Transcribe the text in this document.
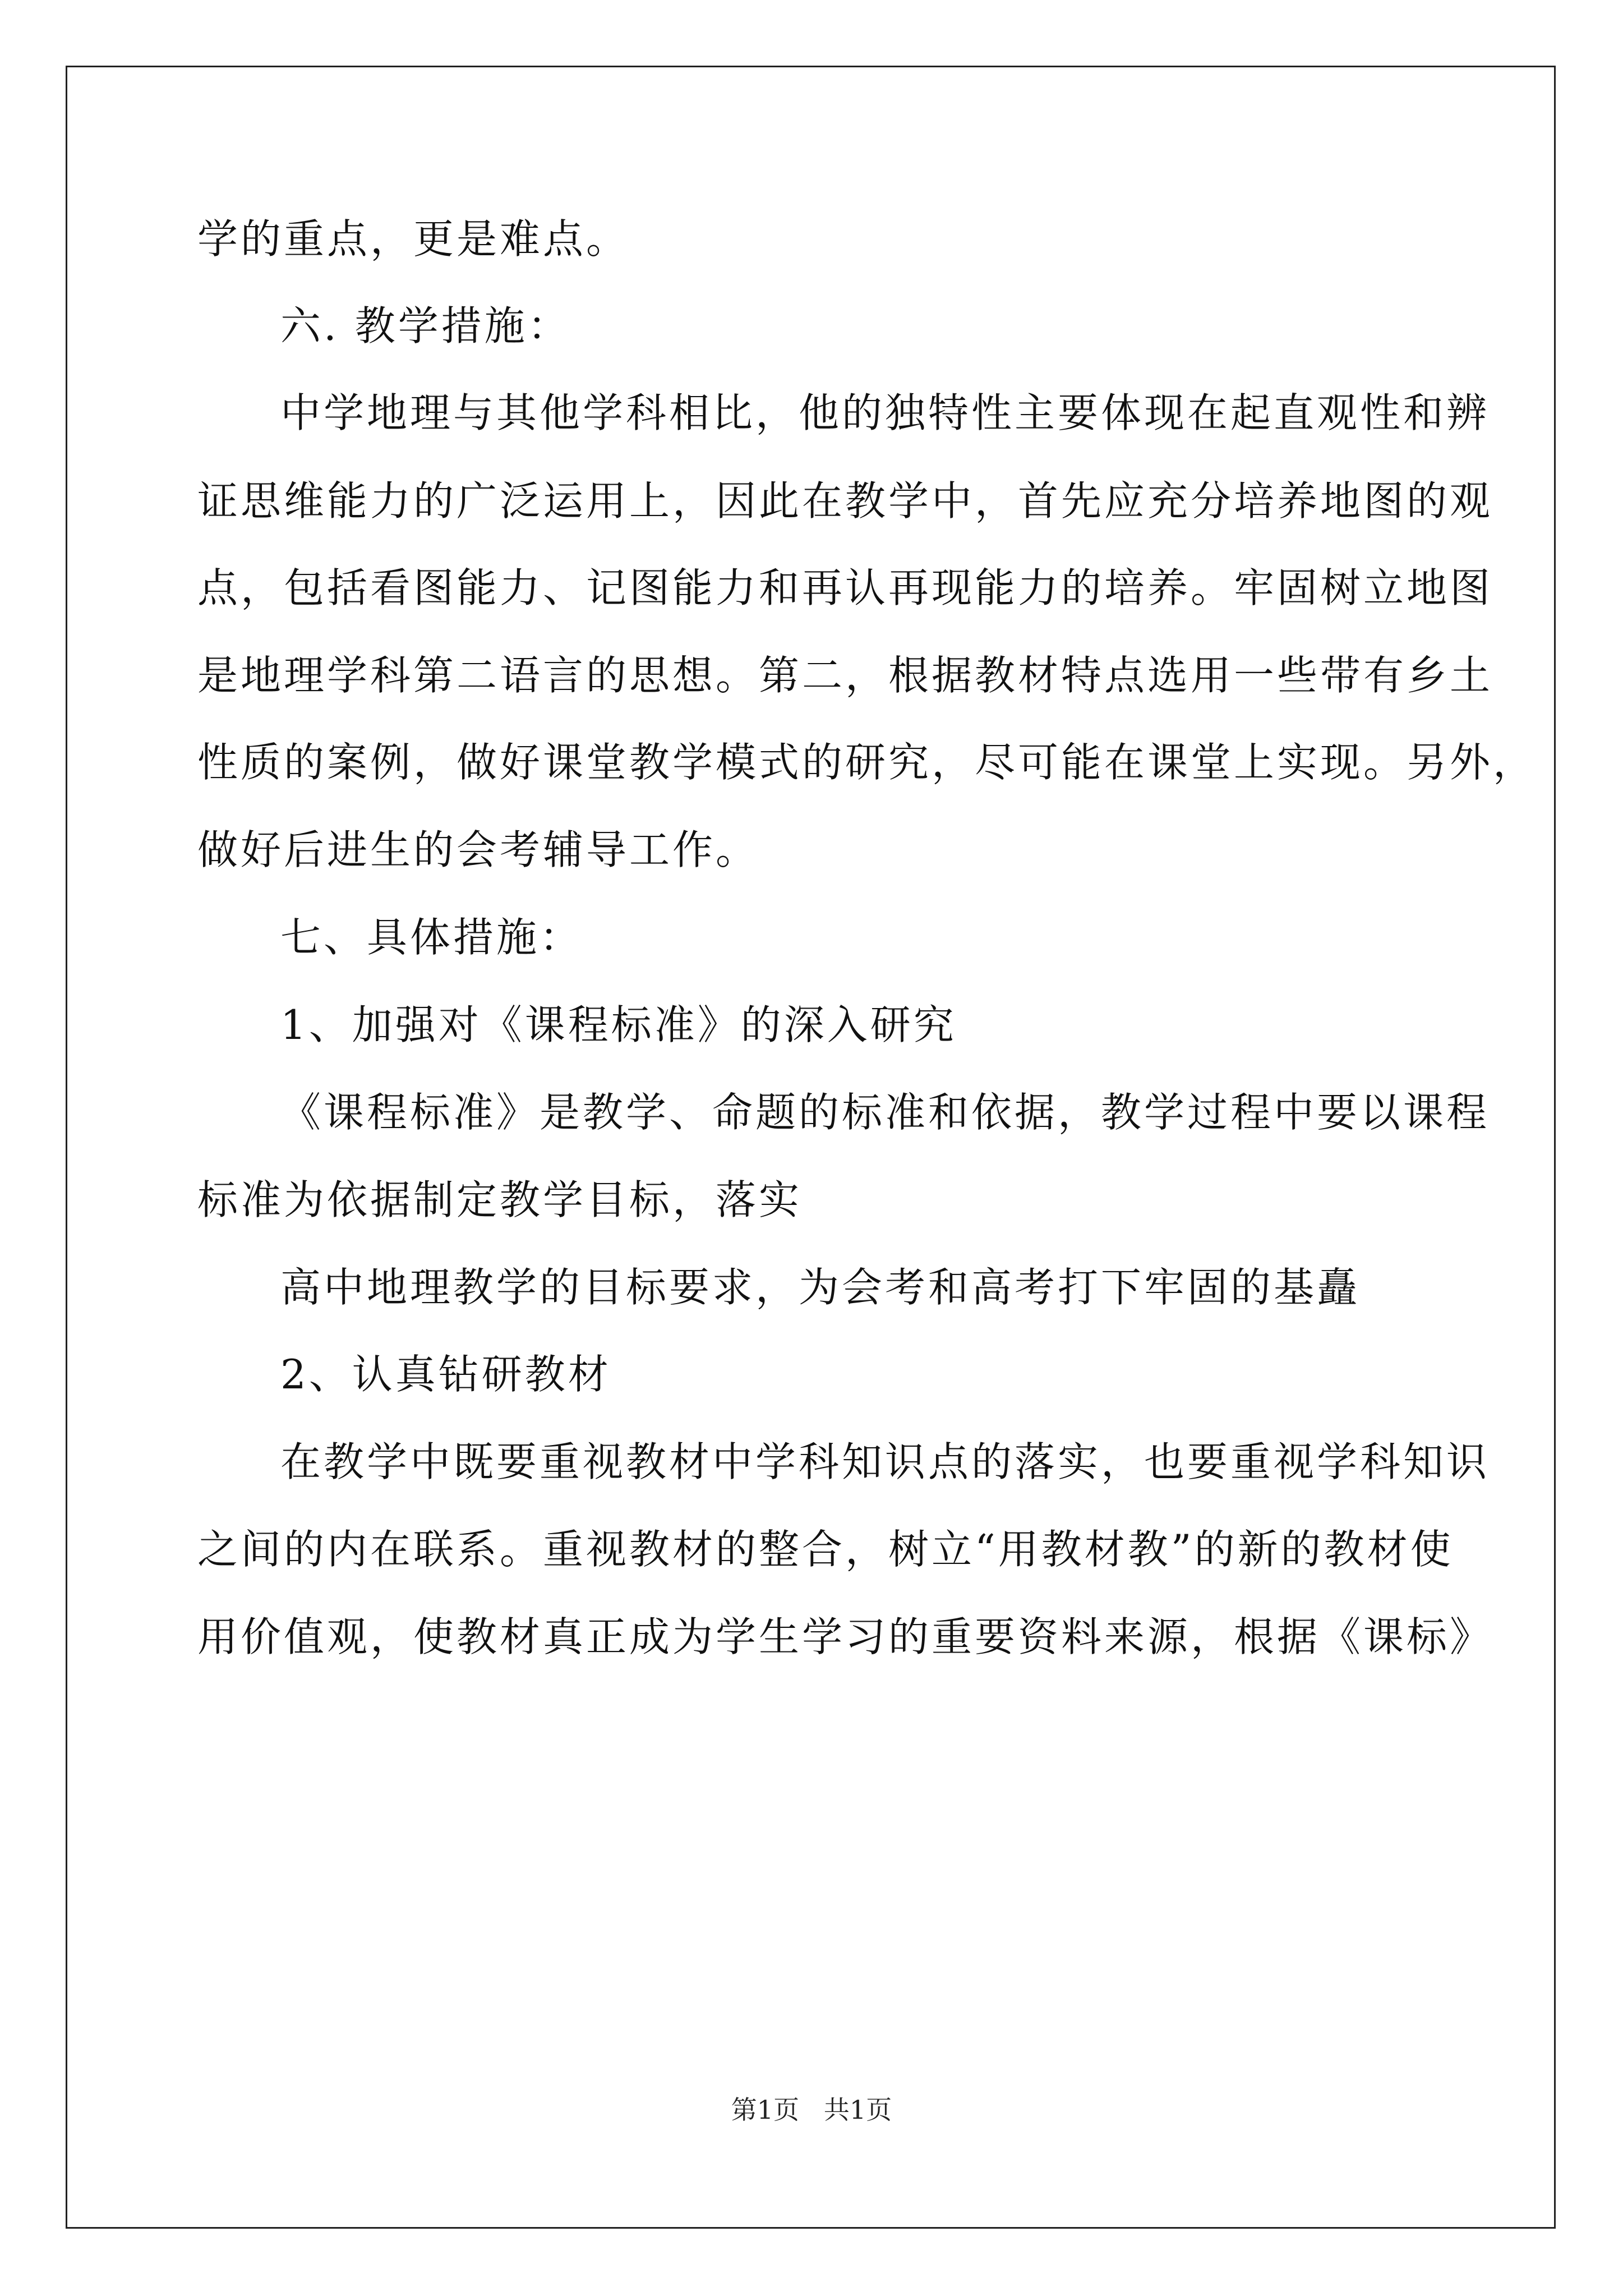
学的重点，更是难点。
六. 教学措施：
中学地理与其他学科相比，他的独特性主要体现在起直观性和辨
证思维能力的广泛运用上，因此在教学中，首先应充分培养地图的观
点，包括看图能力、记图能力和再认再现能力的培养。牢固树立地图
是地理学科第二语言的思想。第二，根据教材特点选用一些带有乡土
性质的案例，做好课堂教学模式的研究，尽可能在课堂上实现。另外，
做好后进生的会考辅导工作。
七、具体措施：
1、加强对《课程标准》的深入研究
《课程标准》是教学、命题的标准和依据，教学过程中要以课程
标准为依据制定教学目标，落实
高中地理教学的目标要求，为会考和高考打下牢固的基矗
2、认真钻研教材
在教学中既要重视教材中学科知识点的落实，也要重视学科知识
之间的内在联系。重视教材的整合，树立“用教材教”的新的教材使
用价值观，使教材真正成为学生学习的重要资料来源，根据《课标》
第1页   共1页
